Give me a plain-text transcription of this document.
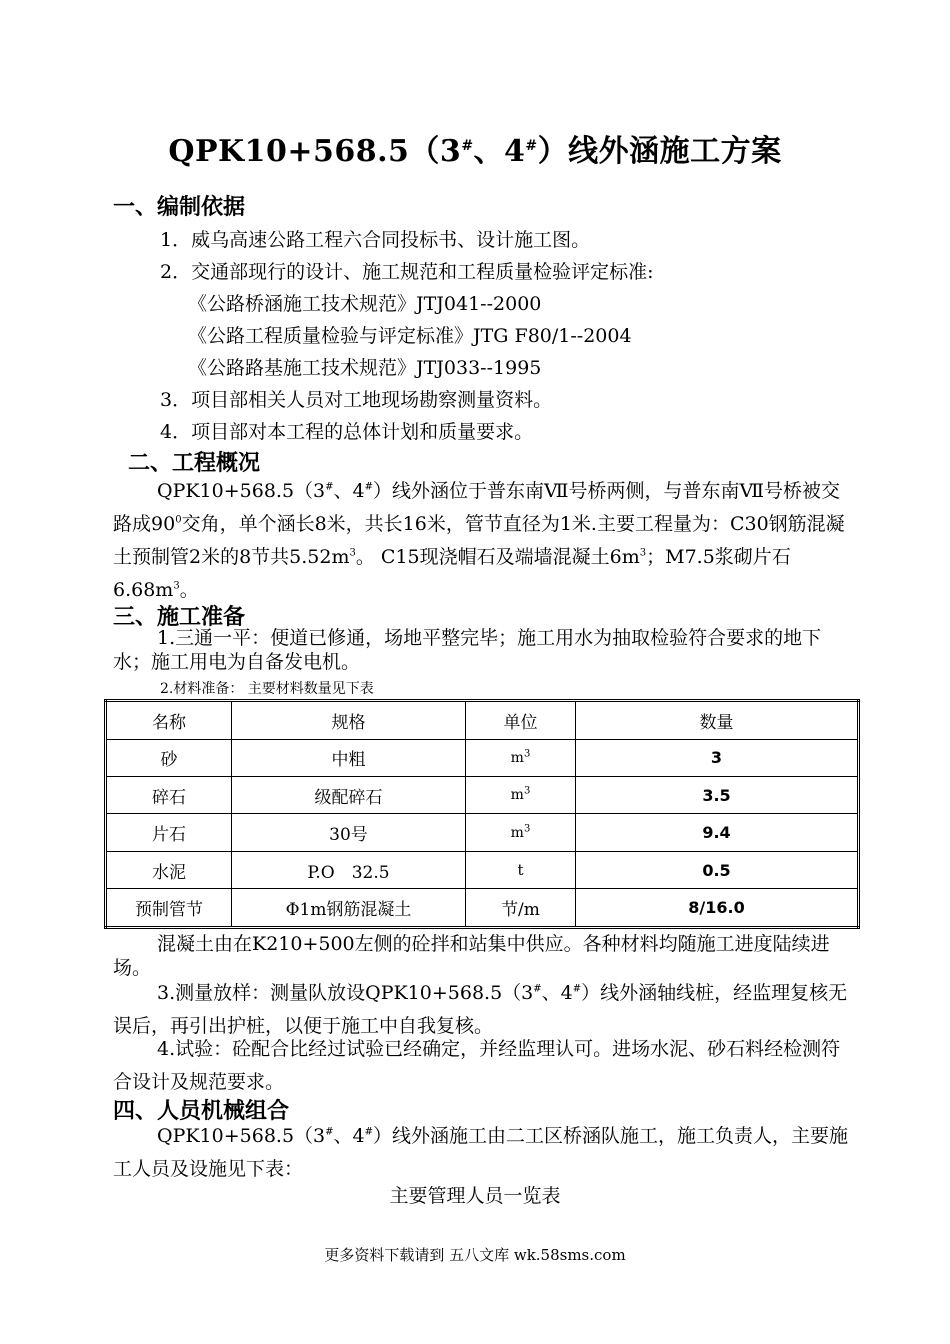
QPK10+568.5（3#、4#）线外涵施工方案
一、编制依据
1．威乌高速公路工程六合同投标书、设计施工图。
2．交通部现行的设计、施工规范和工程质量检验评定标准:
《公路桥涵施工技术规范》JTJ041--2000
《公路工程质量检验与评定标准》JTG F80/1--2004
《公路路基施工技术规范》JTJ033--1995
3．项目部相关人员对工地现场勘察测量资料。
4．项目部对本工程的总体计划和质量要求。
二、工程概况
QPK10+568.5（3#、4#）线外涵位于普东南Ⅶ号桥两侧，与普东南Ⅶ号桥被交路成$90^0$交角，单个涵长8米，共长16米，管节直径为1米.主要工程量为：C30钢筋混凝土预制管2米的8节共$5.52m^3$。 C15现浇帽石及端墙混凝土$6m^3$；M7.5浆砌片石$6.68m^3$。
三、施工准备
1.三通一平：便道已修通，场地平整完毕；施工用水为抽取检验符合要求的地下水；施工用电为自备发电机。
2.材料准备： 主要材料数量见下表
名称	规格	单位	数量
砂	中粗	$m^3$	3
碎石	级配碎石	$m^3$	3.5
片石	30号	$m^3$	9.4
水泥	P.O　32.5	t	0.5
预制管节	Φ1m钢筋混凝土	节/m	8/16.0
混凝土由在K210+500左侧的砼拌和站集中供应。各种材料均随施工进度陆续进场。
3.测量放样：测量队放设QPK10+568.5（3#、4#）线外涵轴线桩，经监理复核无误后，再引出护桩，以便于施工中自我复核。
4.试验：砼配合比经过试验已经确定，并经监理认可。进场水泥、砂石料经检测符合设计及规范要求。
四、人员机械组合
QPK10+568.5（3#、4#）线外涵施工由二工区桥涵队施工，施工负责人，主要施工人员及设施见下表：
主要管理人员一览表
更多资料下载请到 五八文库 wk.58sms.com
